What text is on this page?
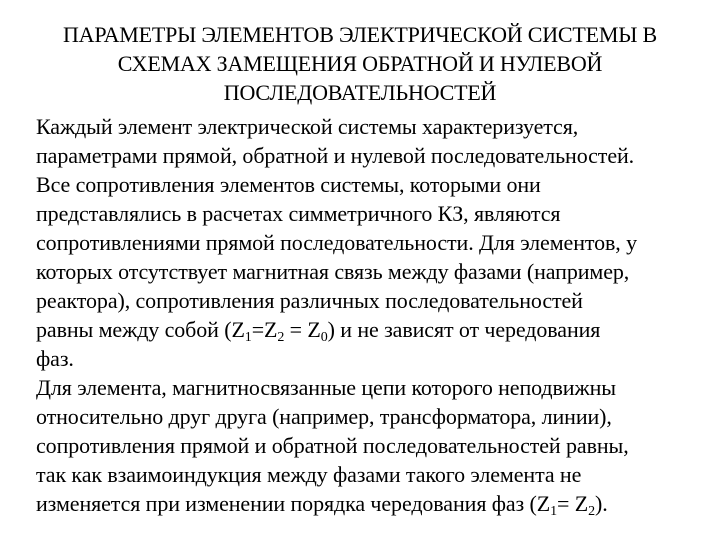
ПАРАМЕТРЫ ЭЛЕМЕНТОВ ЭЛЕКТРИЧЕСКОЙ СИСТЕМЫ В
СХЕМАХ ЗАМЕЩЕНИЯ ОБРАТНОЙ И НУЛЕВОЙ
ПОСЛЕДОВАТЕЛЬНОСТЕЙ
Каждый элемент электрической системы характеризуется,
параметрами прямой, обратной и нулевой последовательностей.
Все сопротивления элементов системы, которыми они
представлялись в расчетах симметричного КЗ, являются
сопротивлениями прямой последовательности. Для элементов, у
которых отсутствует магнитная связь между фазами (например,
реактора), сопротивления различных последовательностей
равны между собой $(Z_1=Z_2 = Z_0)$ и не зависят от чередования
фаз.
Для элемента, магнитносвязанные цепи которого неподвижны
относительно друг друга (например, трансформатора, линии),
сопротивления прямой и обратной последовательностей равны,
так как взаимоиндукция между фазами такого элемента не
изменяется при изменении порядка чередования фаз $(Z_1= Z_2)$.
